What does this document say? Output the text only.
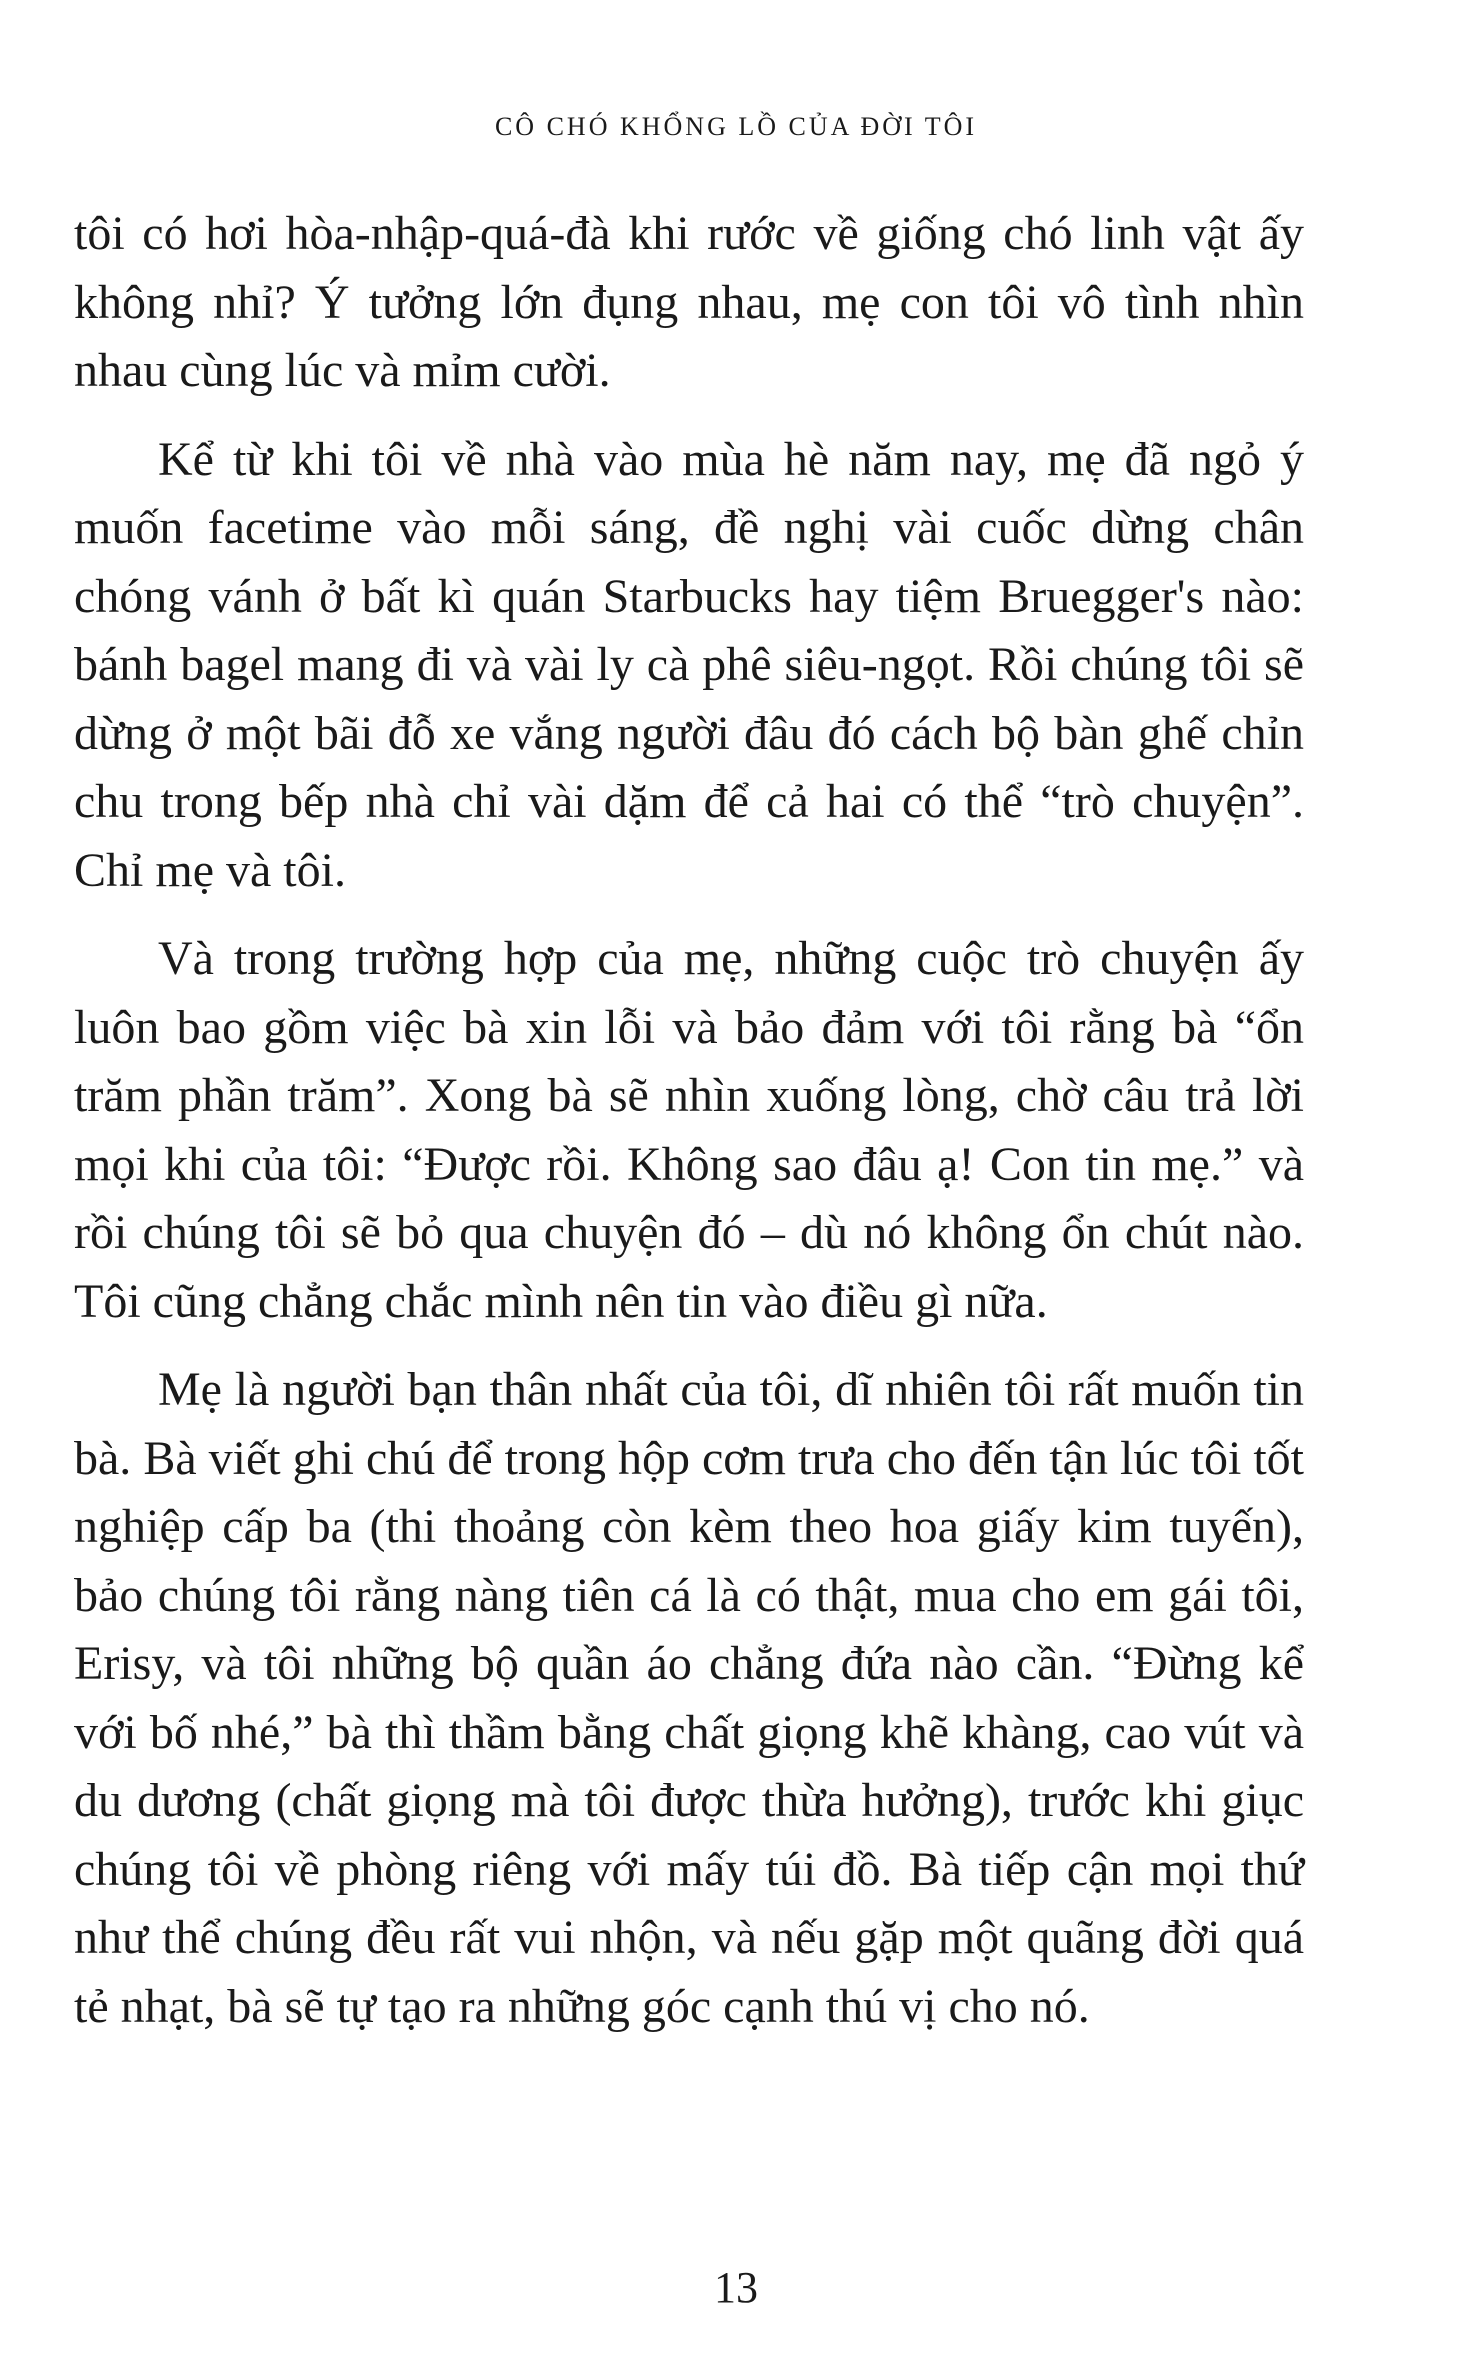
CÔ CHÓ KHỔNG LỒ CỦA ĐỜI TÔI

tôi có hơi hòa-nhập-quá-đà khi rước về giống chó linh vật ấy không nhỉ? Ý tưởng lớn đụng nhau, mẹ con tôi vô tình nhìn nhau cùng lúc và mỉm cười.

Kể từ khi tôi về nhà vào mùa hè năm nay, mẹ đã ngỏ ý muốn facetime vào mỗi sáng, đề nghị vài cuốc dừng chân chóng vánh ở bất kì quán Starbucks hay tiệm Bruegger's nào: bánh bagel mang đi và vài ly cà phê siêu-ngọt. Rồi chúng tôi sẽ dừng ở một bãi đỗ xe vắng người đâu đó cách bộ bàn ghế chỉn chu trong bếp nhà chỉ vài dặm để cả hai có thể “trò chuyện”. Chỉ mẹ và tôi.

Và trong trường hợp của mẹ, những cuộc trò chuyện ấy luôn bao gồm việc bà xin lỗi và bảo đảm với tôi rằng bà “ổn trăm phần trăm”. Xong bà sẽ nhìn xuống lòng, chờ câu trả lời mọi khi của tôi: “Được rồi. Không sao đâu ạ! Con tin mẹ.” và rồi chúng tôi sẽ bỏ qua chuyện đó – dù nó không ổn chút nào. Tôi cũng chẳng chắc mình nên tin vào điều gì nữa.

Mẹ là người bạn thân nhất của tôi, dĩ nhiên tôi rất muốn tin bà. Bà viết ghi chú để trong hộp cơm trưa cho đến tận lúc tôi tốt nghiệp cấp ba (thi thoảng còn kèm theo hoa giấy kim tuyến), bảo chúng tôi rằng nàng tiên cá là có thật, mua cho em gái tôi, Erisy, và tôi những bộ quần áo chẳng đứa nào cần. “Đừng kể với bố nhé,” bà thì thầm bằng chất giọng khẽ khàng, cao vút và du dương (chất giọng mà tôi được thừa hưởng), trước khi giục chúng tôi về phòng riêng với mấy túi đồ. Bà tiếp cận mọi thứ như thể chúng đều rất vui nhộn, và nếu gặp một quãng đời quá tẻ nhạt, bà sẽ tự tạo ra những góc cạnh thú vị cho nó.

13
